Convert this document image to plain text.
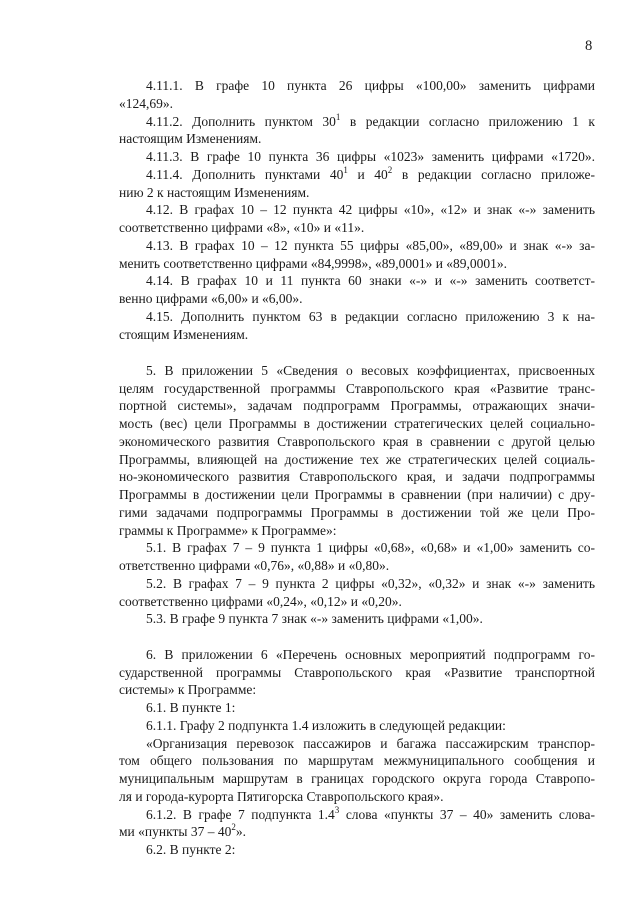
8
4.11.1. В графе 10 пункта 26 цифры «100,00» заменить цифрами
«124,69».
4.11.2. Дополнить пунктом $30^1$ в редакции согласно приложению 1 к
настоящим Изменениям.
4.11.3. В графе 10 пункта 36 цифры «1023» заменить цифрами «1720».
4.11.4. Дополнить пунктами $40^1$ и $40^2$ в редакции согласно приложе-
нию 2 к настоящим Изменениям.
4.12. В графах 10 – 12 пункта 42 цифры «10», «12» и знак «-» заменить
соответственно цифрами «8», «10» и «11».
4.13. В графах 10 – 12 пункта 55 цифры «85,00», «89,00» и знак «-» за-
менить соответственно цифрами «84,9998», «89,0001» и «89,0001».
4.14. В графах 10 и 11 пункта 60 знаки «-» и «-» заменить соответст-
венно цифрами «6,00» и «6,00».
4.15. Дополнить пунктом 63 в редакции согласно приложению 3 к на-
стоящим Изменениям.
5. В приложении 5 «Сведения о весовых коэффициентах, присвоенных
целям государственной программы Ставропольского края «Развитие транс-
портной системы», задачам подпрограмм Программы, отражающих значи-
мость (вес) цели Программы в достижении стратегических целей социально-
экономического развития Ставропольского края в сравнении с другой целью
Программы, влияющей на достижение тех же стратегических целей социаль-
но-экономического развития Ставропольского края, и задачи подпрограммы
Программы в достижении цели Программы в сравнении (при наличии) с дру-
гими задачами подпрограммы Программы в достижении той же цели Про-
граммы к Программе» к Программе»:
5.1. В графах 7 – 9 пункта 1 цифры «0,68», «0,68» и «1,00» заменить со-
ответственно цифрами «0,76», «0,88» и «0,80».
5.2. В графах 7 – 9 пункта 2 цифры «0,32», «0,32» и знак «-» заменить
соответственно цифрами «0,24», «0,12» и «0,20».
5.3. В графе 9 пункта 7 знак «-» заменить цифрами «1,00».
6. В приложении 6 «Перечень основных мероприятий подпрограмм го-
сударственной программы Ставропольского края «Развитие транспортной
системы» к Программе:
6.1. В пункте 1:
6.1.1. Графу 2 подпункта 1.4 изложить в следующей редакции:
«Организация перевозок пассажиров и багажа пассажирским транспор-
том общего пользования по маршрутам межмуниципального сообщения и
муниципальным маршрутам в границах городского округа города Ставропо-
ля и города-курорта Пятигорска Ставропольского края».
6.1.2. В графе 7 подпункта $1.4^3$ слова «пункты 37 – 40» заменить слова-
ми «пункты $37 - 40^2$».
6.2. В пункте 2:
